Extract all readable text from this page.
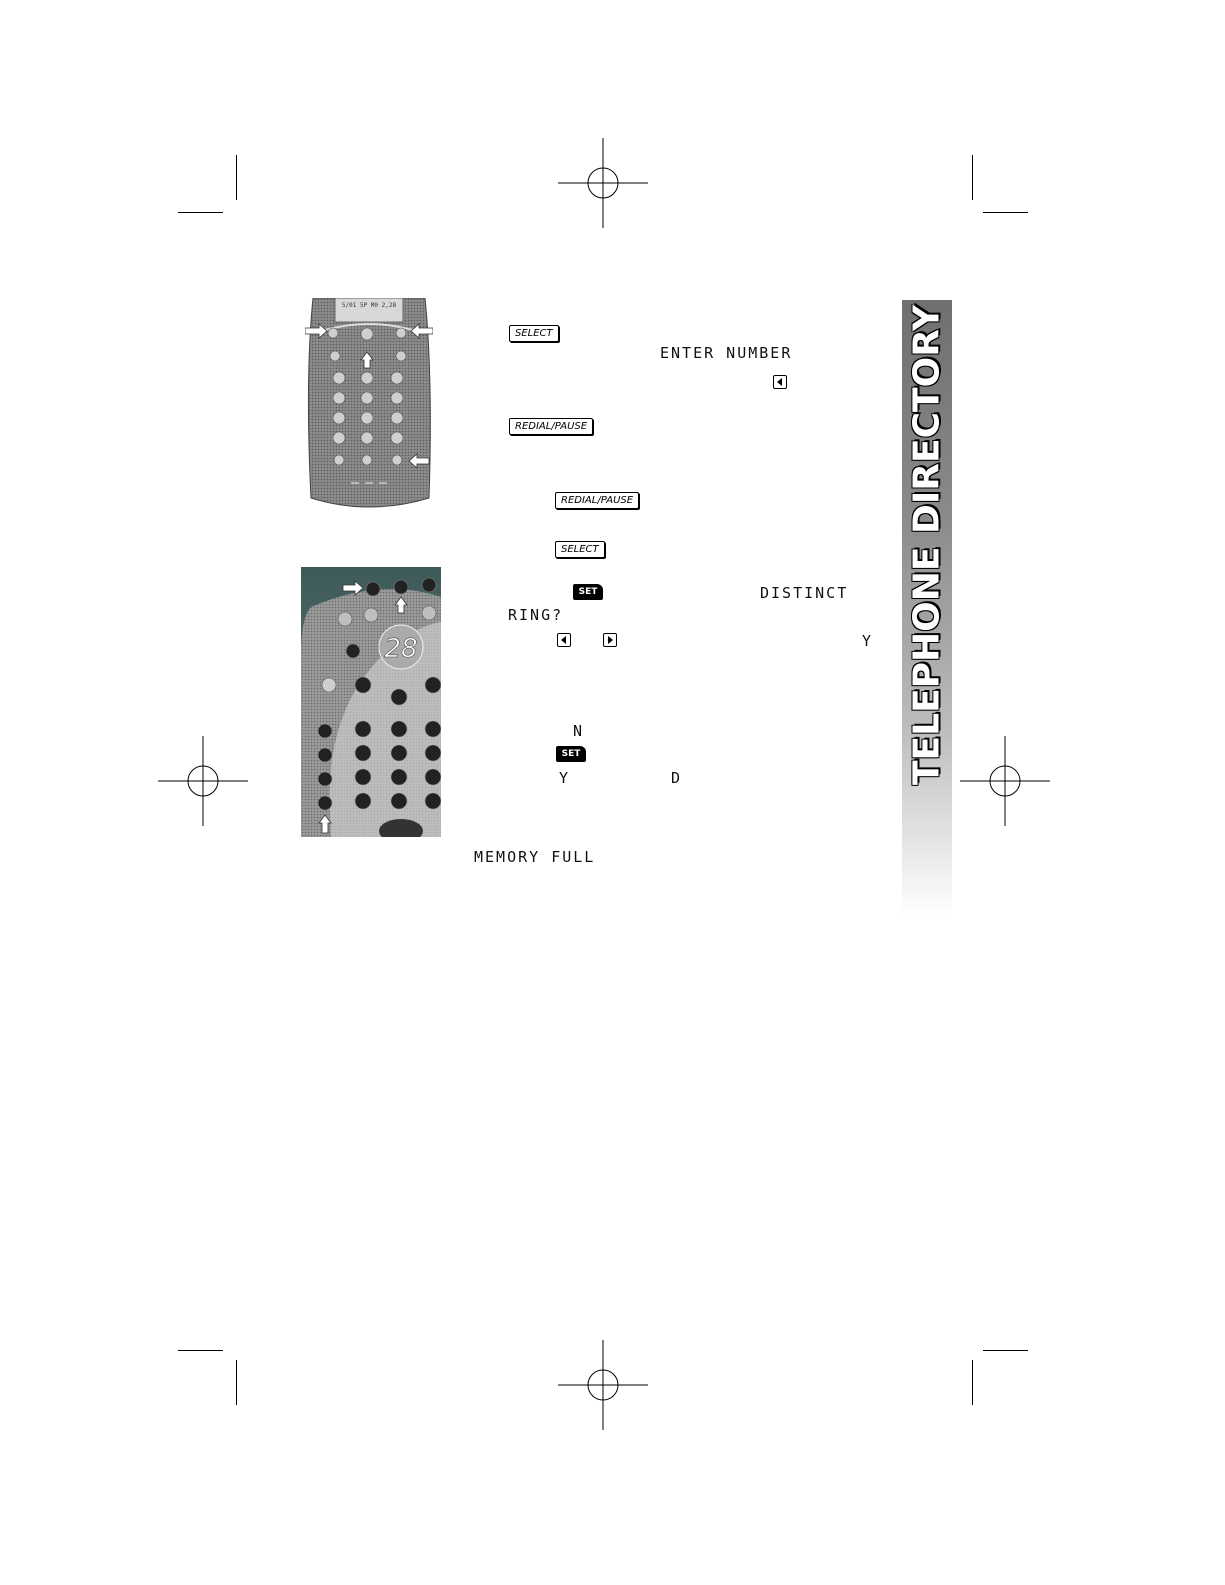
5/01 5P M0 2,28
28
SELECT
ENTER NUMBER
REDIAL/PAUSE
REDIAL/PAUSE
SELECT
SET	DISTINCT
RING?
Y
N
SET
Y	D
MEMORY FULL
TELEPHONE DIRECTORY
